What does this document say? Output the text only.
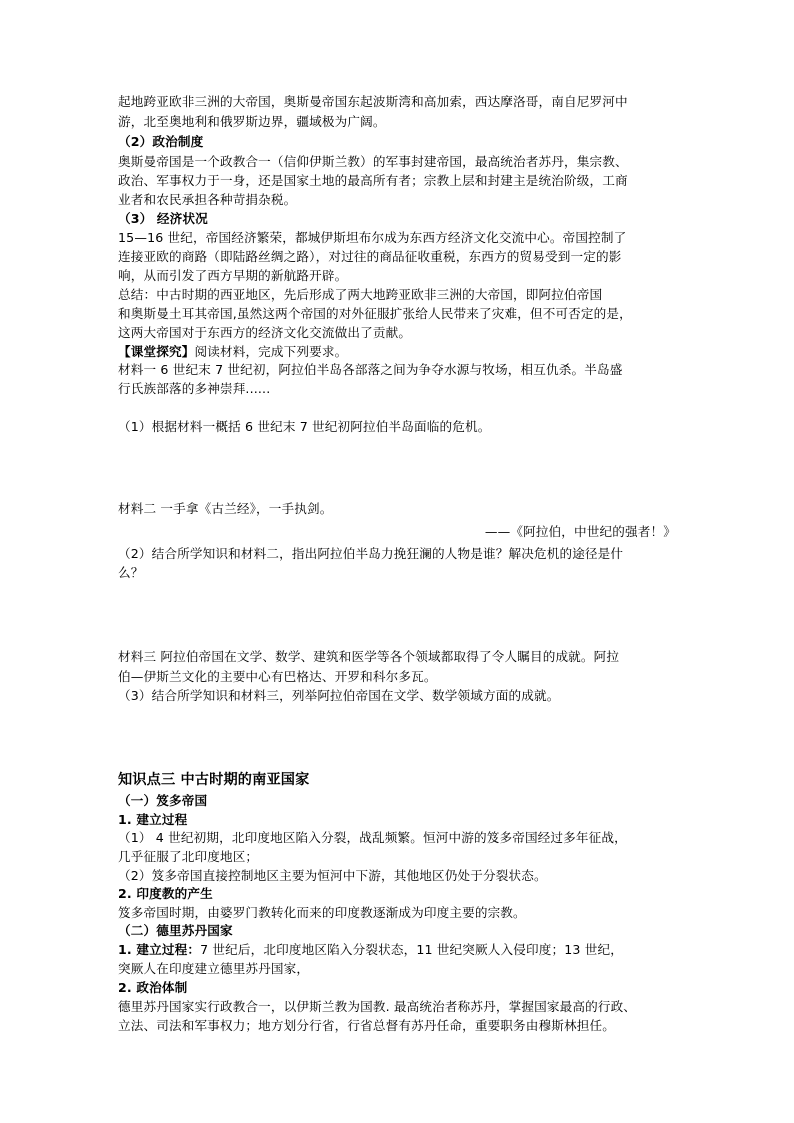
起地跨亚欧非三洲的大帝国，奥斯曼帝国东起波斯湾和高加索，西达摩洛哥，南自尼罗河中
游，北至奥地利和俄罗斯边界，疆域极为广阔。
（2）政治制度
奥斯曼帝国是一个政教合一（信仰伊斯兰教）的军事封建帝国，最高统治者苏丹，集宗教、
政治、军事权力于一身，还是国家土地的最高所有者；宗教上层和封建主是统治阶级，工商
业者和农民承担各种苛捐杂税。
（3） 经济状况
15—16 世纪，帝国经济繁荣，都城伊斯坦布尔成为东西方经济文化交流中心。帝国控制了
连接亚欧的商路（即陆路丝绸之路），对过往的商品征收重税，东西方的贸易受到一定的影
响，从而引发了西方早期的新航路开辟。
总结：中古时期的西亚地区，先后形成了两大地跨亚欧非三洲的大帝国，即阿拉伯帝国
和奥斯曼土耳其帝国,虽然这两个帝国的对外征服扩张给人民带来了灾难，但不可否定的是，
这两大帝国对于东西方的经济文化交流做出了贡献。
【课堂探究】阅读材料，完成下列要求。
材料一 6 世纪末 7 世纪初，阿拉伯半岛各部落之间为争夺水源与牧场，相互仇杀。半岛盛
行氏族部落的多神崇拜......
（1）根据材料一概括 6 世纪末 7 世纪初阿拉伯半岛面临的危机。
材料二 一手拿《古兰经》，一手执剑。
——《阿拉伯，中世纪的强者！》
（2）结合所学知识和材料二，指出阿拉伯半岛力挽狂澜的人物是谁？解决危机的途径是什
么？
材料三 阿拉伯帝国在文学、数学、建筑和医学等各个领域都取得了令人瞩目的成就。阿拉
伯—伊斯兰文化的主要中心有巴格达、开罗和科尔多瓦。
（3）结合所学知识和材料三，列举阿拉伯帝国在文学、数学领域方面的成就。
知识点三 中古时期的南亚国家
（一）笈多帝国
1. 建立过程
（1） 4 世纪初期，北印度地区陷入分裂，战乱频繁。恒河中游的笈多帝国经过多年征战，
几乎征服了北印度地区；
（2）笈多帝国直接控制地区主要为恒河中下游，其他地区仍处于分裂状态。
2. 印度教的产生
笈多帝国时期，由婆罗门教转化而来的印度教逐渐成为印度主要的宗教。
（二）德里苏丹国家
1. 建立过程：7 世纪后，北印度地区陷入分裂状态，11 世纪突厥人入侵印度；13 世纪，
突厥人在印度建立德里苏丹国家，
2. 政治体制
德里苏丹国家实行政教合一，以伊斯兰教为国教. 最高统治者称苏丹，掌握国家最高的行政、
立法、司法和军事权力；地方划分行省，行省总督有苏丹任命，重要职务由穆斯林担任。
